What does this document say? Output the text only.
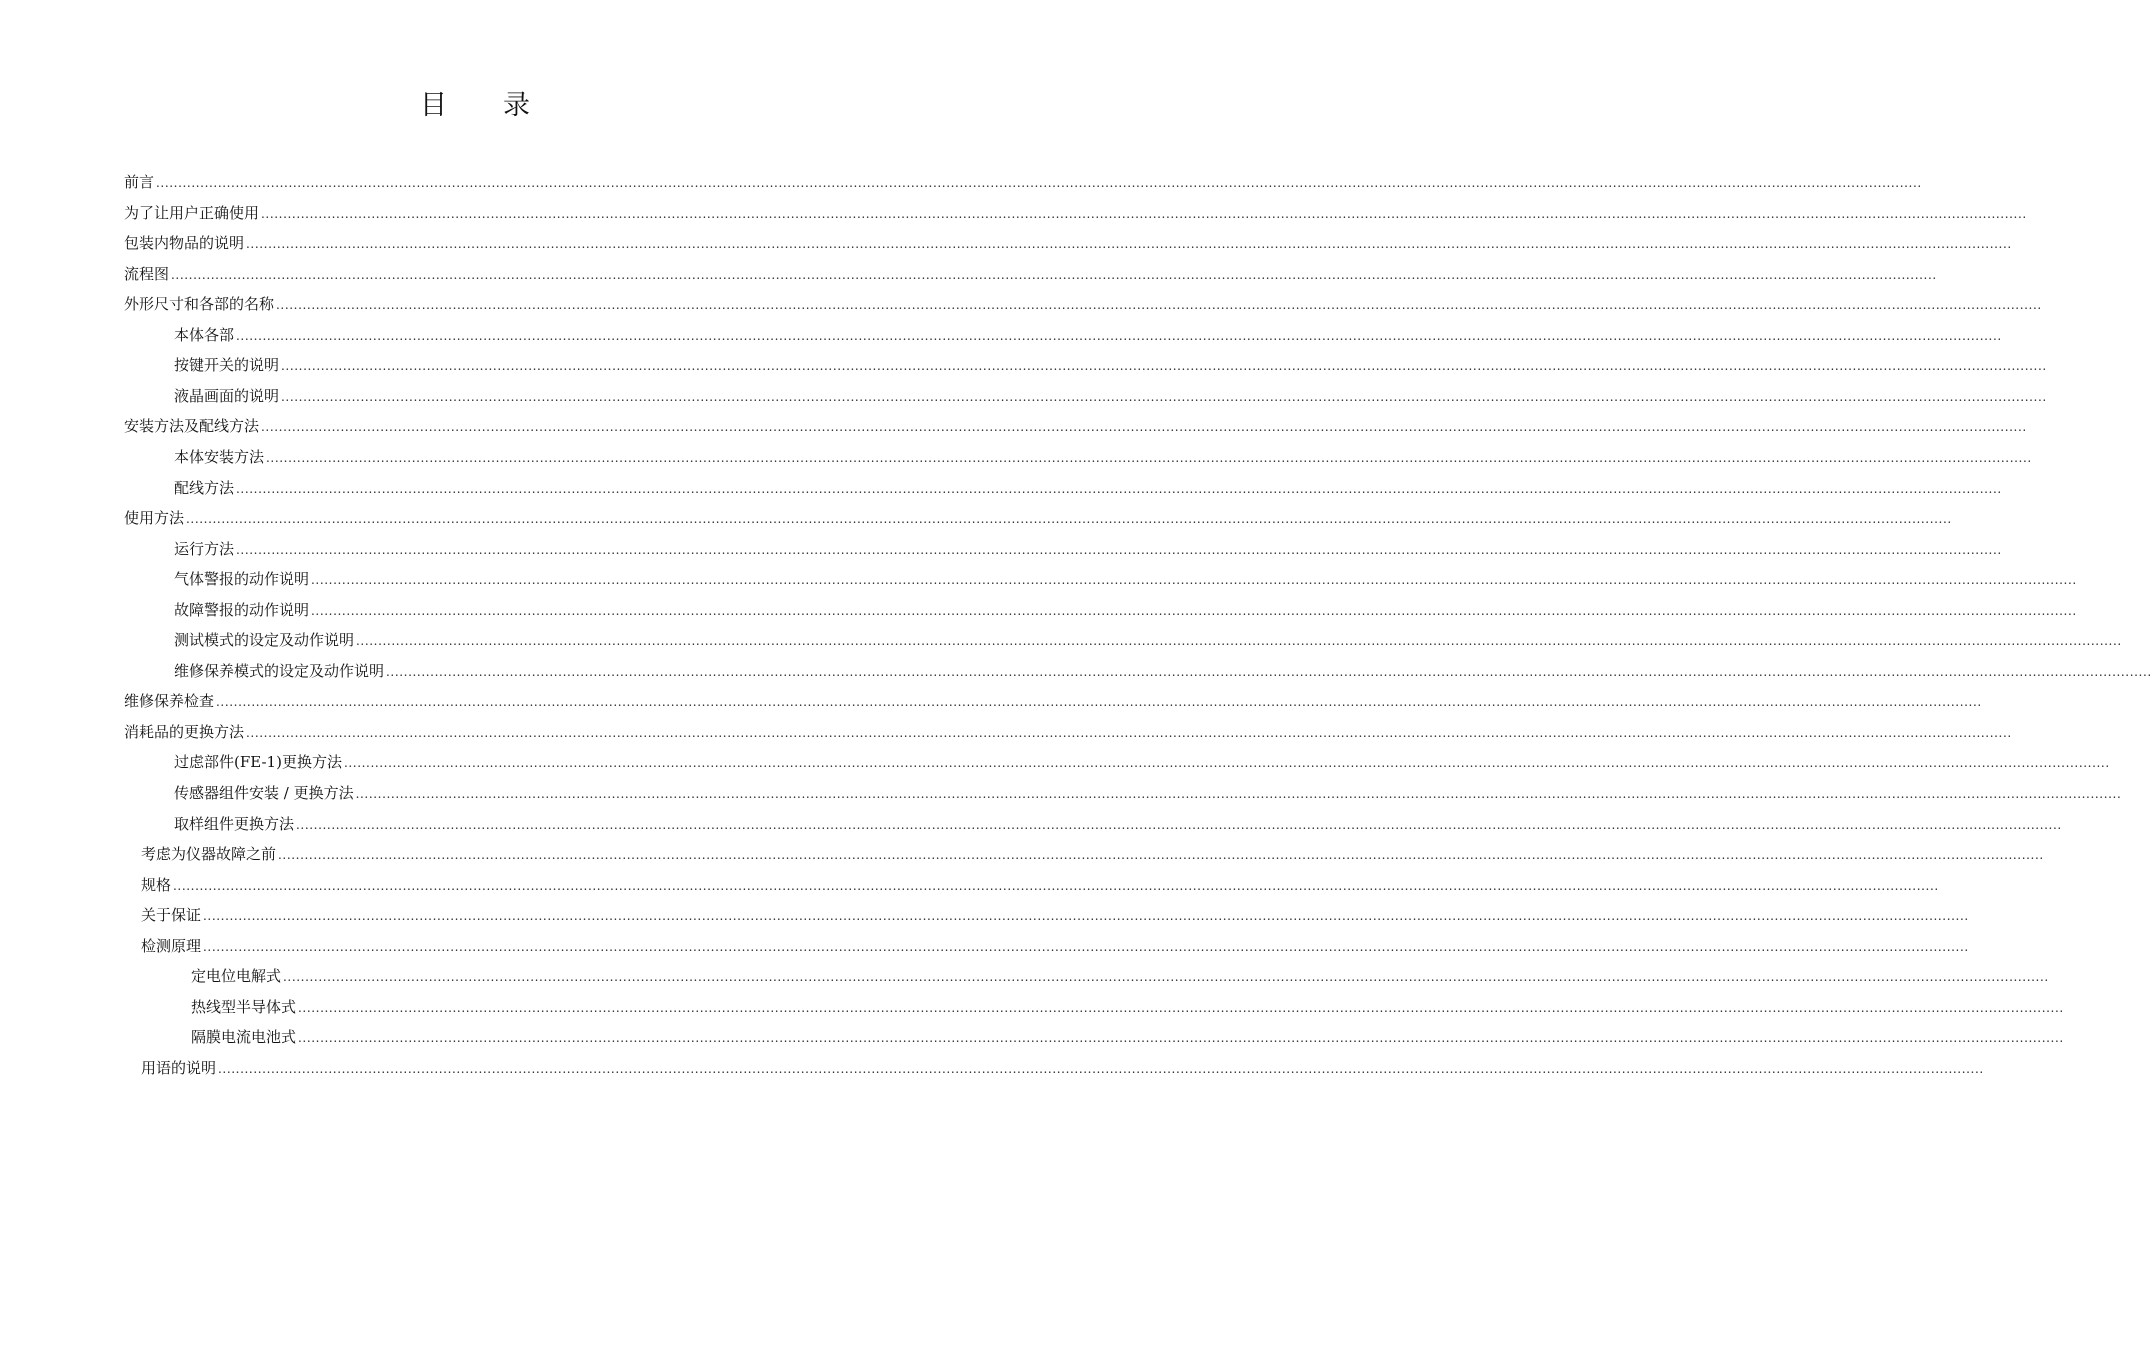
目录
前言 ................................................................................................................................................................................................................................................................................................................................................................................................................
为了让用户正确使用 ................................................................................................................................................................................................................................................................................................................................................................................................................
包装内物品的说明 ................................................................................................................................................................................................................................................................................................................................................................................................................
流程图 ................................................................................................................................................................................................................................................................................................................................................................................................................
外形尺寸和各部的名称 ................................................................................................................................................................................................................................................................................................................................................................................................................
本体各部 ................................................................................................................................................................................................................................................................................................................................................................................................................
按键开关的说明 ................................................................................................................................................................................................................................................................................................................................................................................................................
液晶画面的说明 ................................................................................................................................................................................................................................................................................................................................................................................................................
安装方法及配线方法 ................................................................................................................................................................................................................................................................................................................................................................................................................
本体安装方法 ................................................................................................................................................................................................................................................................................................................................................................................................................
配线方法 ................................................................................................................................................................................................................................................................................................................................................................................................................
使用方法 ................................................................................................................................................................................................................................................................................................................................................................................................................
运行方法 ................................................................................................................................................................................................................................................................................................................................................................................................................
气体警报的动作说明 ................................................................................................................................................................................................................................................................................................................................................................................................................
故障警报的动作说明 ................................................................................................................................................................................................................................................................................................................................................................................................................
测试模式的设定及动作说明 ................................................................................................................................................................................................................................................................................................................................................................................................................
维修保养模式的设定及动作说明 ................................................................................................................................................................................................................................................................................................................................................................................................................
维修保养检查 ................................................................................................................................................................................................................................................................................................................................................................................................................
消耗品的更换方法 ................................................................................................................................................................................................................................................................................................................................................................................................................
过虑部件(FE-1)更换方法 ................................................................................................................................................................................................................................................................................................................................................................................................................
传感器组件安装 / 更换方法 ................................................................................................................................................................................................................................................................................................................................................................................................................
取样组件更换方法 ................................................................................................................................................................................................................................................................................................................................................................................................................
考虑为仪器故障之前 ................................................................................................................................................................................................................................................................................................................................................................................................................
规格 ................................................................................................................................................................................................................................................................................................................................................................................................................
关于保证 ................................................................................................................................................................................................................................................................................................................................................................................................................
检测原理 ................................................................................................................................................................................................................................................................................................................................................................................................................
定电位电解式 ................................................................................................................................................................................................................................................................................................................................................................................................................
热线型半导体式 ................................................................................................................................................................................................................................................................................................................................................................................................................
隔膜电流电池式 ................................................................................................................................................................................................................................................................................................................................................................................................................
用语的说明 ................................................................................................................................................................................................................................................................................................................................................................................................................
